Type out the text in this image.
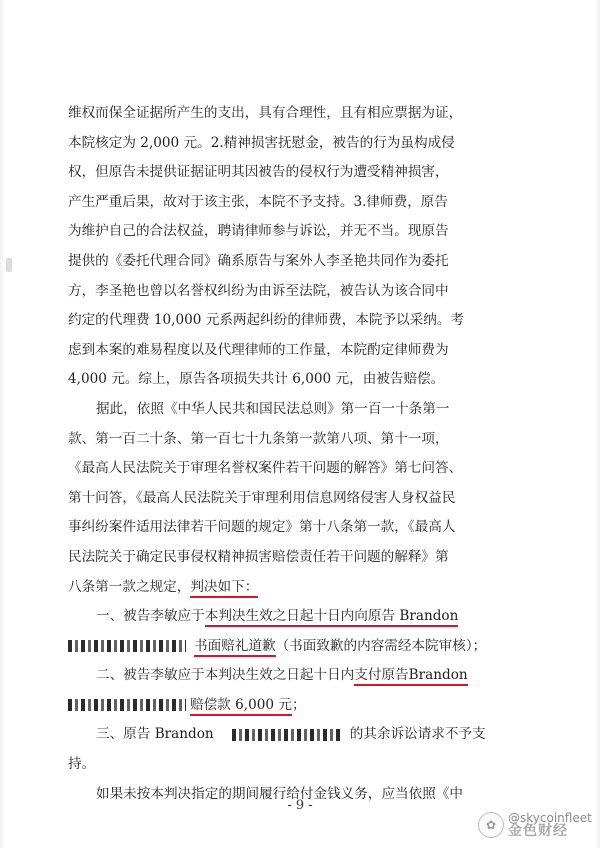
维权而保全证据所产生的支出，具有合理性，且有相应票据为证，
本院核定为 2,000 元。2.精神损害抚慰金，被告的行为虽构成侵
权，但原告未提供证据证明其因被告的侵权行为遭受精神损害，
产生严重后果，故对于该主张，本院不予支持。3.律师费，原告
为维护自己的合法权益，聘请律师参与诉讼，并无不当。现原告
提供的《委托代理合同》确系原告与案外人李圣艳共同作为委托
方，李圣艳也曾以名誉权纠纷为由诉至法院，被告认为该合同中
约定的代理费 10,000 元系两起纠纷的律师费，本院予以采纳。考
虑到本案的难易程度以及代理律师的工作量，本院酌定律师费为
4,000 元。综上，原告各项损失共计 6,000 元，由被告赔偿。
据此，依照《中华人民共和国民法总则》第一百一十条第一
款、第一百二十条、第一百七十九条第一款第八项、第十一项，
《最高人民法院关于审理名誉权案件若干问题的解答》第七问答、
第十问答，《最高人民法院关于审理利用信息网络侵害人身权益民
事纠纷案件适用法律若干问题的规定》第十八条第一款，《最高人
民法院关于确定民事侵权精神损害赔偿责任若干问题的解释》第
八条第一款之规定，判决如下：
一、被告李敏应于本判决生效之日起十日内向原告 Brandon
书面赔礼道歉（书面致歉的内容需经本院审核）；
二、被告李敏应于本判决生效之日起十日内支付原告Brandon
赔偿款 6,000 元；
三、原告 Brandon	的其余诉讼请求不予支
持。
如果未按本判决指定的期间履行给付金钱义务，应当依照《中
- 9 -
✿ @skycoinfleet
金色财经
